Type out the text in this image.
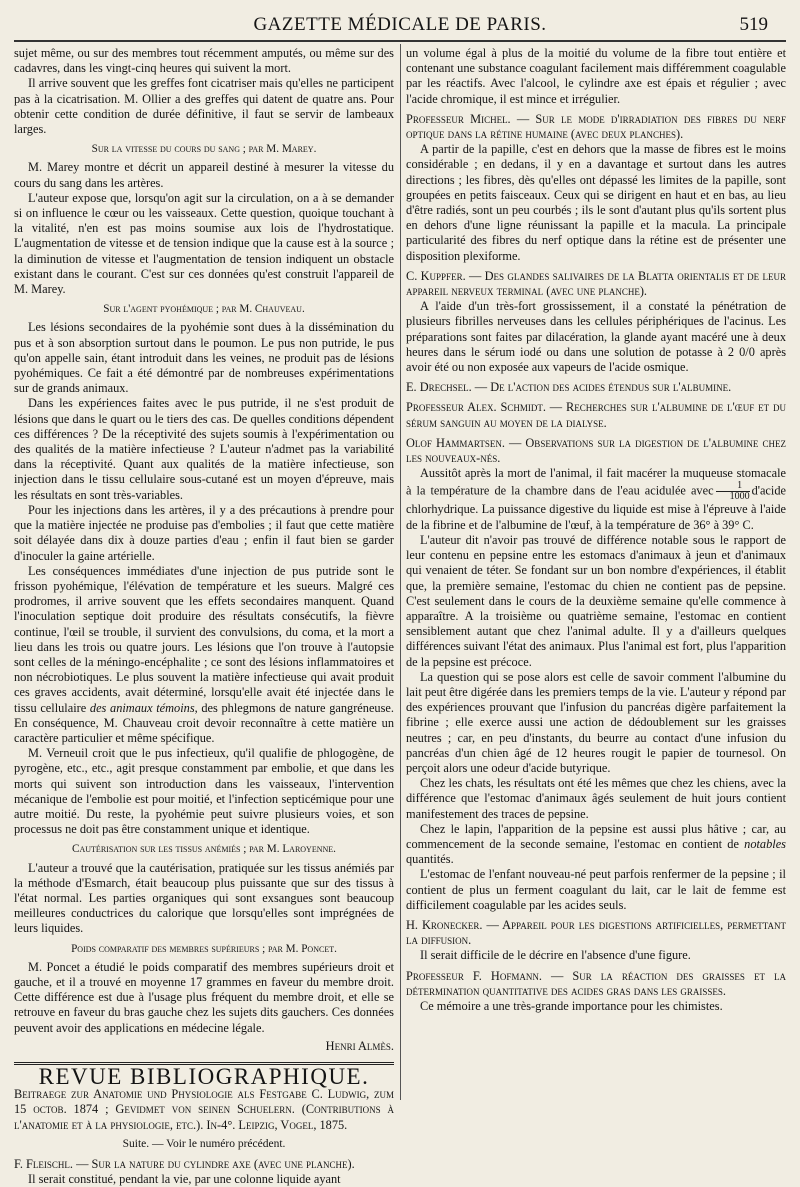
GAZETTE MÉDICALE DE PARIS.	519

sujet même, ou sur des membres tout récemment amputés, ou même sur des cadavres, dans les vingt-cinq heures qui suivent la mort.

Il arrive souvent que les greffes font cicatriser mais qu'elles ne participent pas à la cicatrisation. M. Ollier a des greffes qui datent de quatre ans. Pour obtenir cette condition de durée définitive, il faut se servir de lambeaux larges.

Sur la vitesse du cours du sang ; par M. Marey.

M. Marey montre et décrit un appareil destiné à mesurer la vitesse du cours du sang dans les artères.

L'auteur expose que, lorsqu'on agit sur la circulation, on a à se demander si on influence le cœur ou les vaisseaux. Cette question, quoique touchant à la vitalité, n'en est pas moins soumise aux lois de l'hydrostatique. L'augmentation de vitesse et de tension indique que la cause est à la source ; la diminution de vitesse et l'augmentation de tension indiquent un obstacle existant dans le courant. C'est sur ces données qu'est construit l'appareil de M. Marey.

Sur l'agent pyohémique ; par M. Chauveau.

Les lésions secondaires de la pyohémie sont dues à la dissémination du pus et à son absorption surtout dans le poumon. Le pus non putride, le pus qu'on appelle sain, étant introduit dans les veines, ne produit pas de lésions pyohémiques. Ce fait a été démontré par de nombreuses expérimentations sur de grands animaux.

Dans les expériences faites avec le pus putride, il ne s'est produit de lésions que dans le quart ou le tiers des cas. De quelles conditions dépendent ces différences ? De la réceptivité des sujets soumis à l'expérimentation ou des qualités de la matière infectieuse ? L'auteur n'admet pas la variabilité dans la réceptivité. Quant aux qualités de la matière infectieuse, son injection dans le tissu cellulaire sous-cutané est un moyen d'épreuve, mais les résultats en sont très-variables.

Pour les injections dans les artères, il y a des précautions à prendre pour que la matière injectée ne produise pas d'embolies ; il faut que cette matière soit délayée dans dix à douze parties d'eau ; enfin il faut bien se garder d'inoculer la gaine artérielle.

Les conséquences immédiates d'une injection de pus putride sont le frisson pyohémique, l'élévation de température et les sueurs. Malgré ces prodromes, il arrive souvent que les effets secondaires manquent. Quand l'inoculation septique doit produire des résultats consécutifs, la fièvre continue, l'œil se trouble, il survient des convulsions, du coma, et la mort a lieu dans les trois ou quatre jours. Les lésions que l'on trouve à l'autopsie sont celles de la méningo-encéphalite ; ce sont des lésions inflammatoires et non nécrobiotiques. Le plus souvent la matière infectieuse qui avait produit ces graves accidents, avait déterminé, lorsqu'elle avait été injectée dans le tissu cellulaire des animaux témoins, des phlegmons de nature gangréneuse. En conséquence, M. Chauveau croit devoir reconnaître à cette matière un caractère particulier et même spécifique.

M. Verneuil croit que le pus infectieux, qu'il qualifie de phlogogène, de pyrogène, etc., etc., agit presque constamment par embolie, et que dans les morts qui suivent son introduction dans les vaisseaux, l'intervention mécanique de l'embolie est pour moitié, et l'infection septicémique pour une autre moitié. Du reste, la pyohémie peut suivre plusieurs voies, et son processus ne doit pas être constamment unique et identique.

Cautérisation sur les tissus anémiés ; par M. Laroyenne.

L'auteur a trouvé que la cautérisation, pratiquée sur les tissus anémiés par la méthode d'Esmarch, était beaucoup plus puissante que sur des tissus à l'état normal. Les parties organiques qui sont exsangues sont beaucoup meilleures conductrices du calorique que lorsqu'elles sont imprégnées de leurs liquides.

Poids comparatif des membres supérieurs ; par M. Poncet.

M. Poncet a étudié le poids comparatif des membres supérieurs droit et gauche, et il a trouvé en moyenne 17 grammes en faveur du membre droit. Cette différence est due à l'usage plus fréquent du membre droit, et elle se retrouve en faveur du bras gauche chez les sujets dits gauchers. Ces données peuvent avoir des applications en médecine légale.

Henri Almès.
REVUE BIBLIOGRAPHIQUE.

Beitraege zur Anatomie und Physiologie als Festgabe C. Ludwig, zum 15 octob. 1874 ; Gevidmet von seinen Schuelern. (Contributions à l'anatomie et à la physiologie, etc.). In-4°. Leipzig, Vogel, 1875.

Suite. — Voir le numéro précédent.

F. Fleischl. — Sur la nature du cylindre axe (avec une planche).

Il serait constitué, pendant la vie, par une colonne liquide ayant

un volume égal à plus de la moitié du volume de la fibre tout entière et contenant une substance coagulant facilement mais différemment coagulable par les réactifs. Avec l'alcool, le cylindre axe est épais et régulier ; avec l'acide chromique, il est mince et irrégulier.

Professeur Michel. — Sur le mode d'irradiation des fibres du nerf optique dans la rétine humaine (avec deux planches).

A partir de la papille, c'est en dehors que la masse de fibres est le moins considérable ; en dedans, il y en a davantage et surtout dans les autres directions ; les fibres, dès qu'elles ont dépassé les limites de la papille, sont groupées en petits faisceaux. Ceux qui se dirigent en haut et en bas, au lieu d'être radiés, sont un peu courbés ; ils le sont d'autant plus qu'ils sortent plus en dehors d'une ligne réunissant la papille et la macula. La principale particularité des fibres du nerf optique dans la rétine est de présenter une disposition plexiforme.

C. Kuppfer. — Des glandes salivaires de la Blatta orientalis et de leur appareil nerveux terminal (avec une planche).

A l'aide d'un très-fort grossissement, il a constaté la pénétration de plusieurs fibrilles nerveuses dans les cellules périphériques de l'acinus. Les préparations sont faites par dilacération, la glande ayant macéré une à deux heures dans le sérum iodé ou dans une solution de potasse à 2 0/0 après avoir été ou non exposée aux vapeurs de l'acide osmique.

E. Drechsel. — De l'action des acides étendus sur l'albumine.

Professeur Alex. Schmidt. — Recherches sur l'albumine de l'œuf et du sérum sanguin au moyen de la dialyse.

Olof Hammartsen. — Observations sur la digestion de l'albumine chez les nouveaux-nés.

Aussitôt après la mort de l'animal, il fait macérer la muqueuse stomacale à la température de la chambre dans de l'eau acidulée avec $\frac{1}{1000}$ d'acide chlorhydrique. La puissance digestive du liquide est mise à l'épreuve à l'aide de la fibrine et de l'albumine de l'œuf, à la température de 36° à 39° C.

L'auteur dit n'avoir pas trouvé de différence notable sous le rapport de leur contenu en pepsine entre les estomacs d'animaux à jeun et d'animaux qui venaient de téter. Se fondant sur un bon nombre d'expériences, il établit que, la première semaine, l'estomac du chien ne contient pas de pepsine. C'est seulement dans le cours de la deuxième semaine qu'elle commence à apparaître. A la troisième ou quatrième semaine, l'estomac en contient sensiblement autant que chez l'animal adulte. Il y a d'ailleurs quelques différences suivant l'état des animaux. Plus l'animal est fort, plus l'apparition de la pepsine est précoce.

La question qui se pose alors est celle de savoir comment l'albumine du lait peut être digérée dans les premiers temps de la vie. L'auteur y répond par des expériences prouvant que l'infusion du pancréas digère parfaitement la fibrine ; elle exerce aussi une action de dédoublement sur les graisses neutres ; car, en peu d'instants, du beurre au contact d'une infusion du pancréas d'un chien âgé de 12 heures rougit le papier de tournesol. On perçoit alors une odeur d'acide butyrique.

Chez les chats, les résultats ont été les mêmes que chez les chiens, avec la différence que l'estomac d'animaux âgés seulement de huit jours contient manifestement des traces de pepsine.

Chez le lapin, l'apparition de la pepsine est aussi plus hâtive ; car, au commencement de la seconde semaine, l'estomac en contient de notables quantités.

L'estomac de l'enfant nouveau-né peut parfois renfermer de la pepsine ; il contient de plus un ferment coagulant du lait, car le lait de femme est difficilement coagulable par les acides seuls.

H. Kronecker. — Appareil pour les digestions artificielles, permettant la diffusion.

Il serait difficile de le décrire en l'absence d'une figure.

Professeur F. Hofmann. — Sur la réaction des graisses et la détermination quantitative des acides gras dans les graisses.

Ce mémoire a une très-grande importance pour les chimistes.
